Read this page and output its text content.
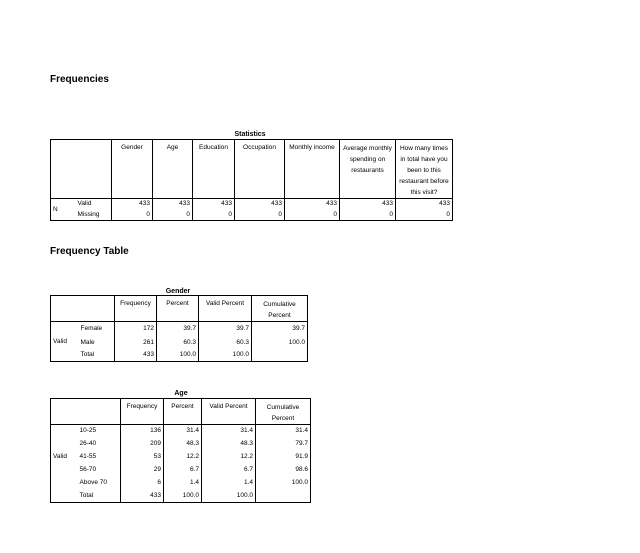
Frequencies
Statistics
		Gender	Age	Education	Occupation	Monthly income	Average monthly spending on restaurants	How many times in total have you been to this restaurant before this visit?
N	Valid	433	433	433	433	433	433	433
	Missing	0	0	0	0	0	0	0
Frequency Table
Gender
		Frequency	Percent	Valid Percent	Cumulative Percent
Valid	Female	172	39.7	39.7	39.7
	Male	261	60.3	60.3	100.0
	Total	433	100.0	100.0	
Age
		Frequency	Percent	Valid Percent	Cumulative Percent
Valid	10-25	136	31.4	31.4	31.4
	26-40	209	48.3	48.3	79.7
	41-55	53	12.2	12.2	91.9
	56-70	29	6.7	6.7	98.6
	Above 70	6	1.4	1.4	100.0
	Total	433	100.0	100.0	
